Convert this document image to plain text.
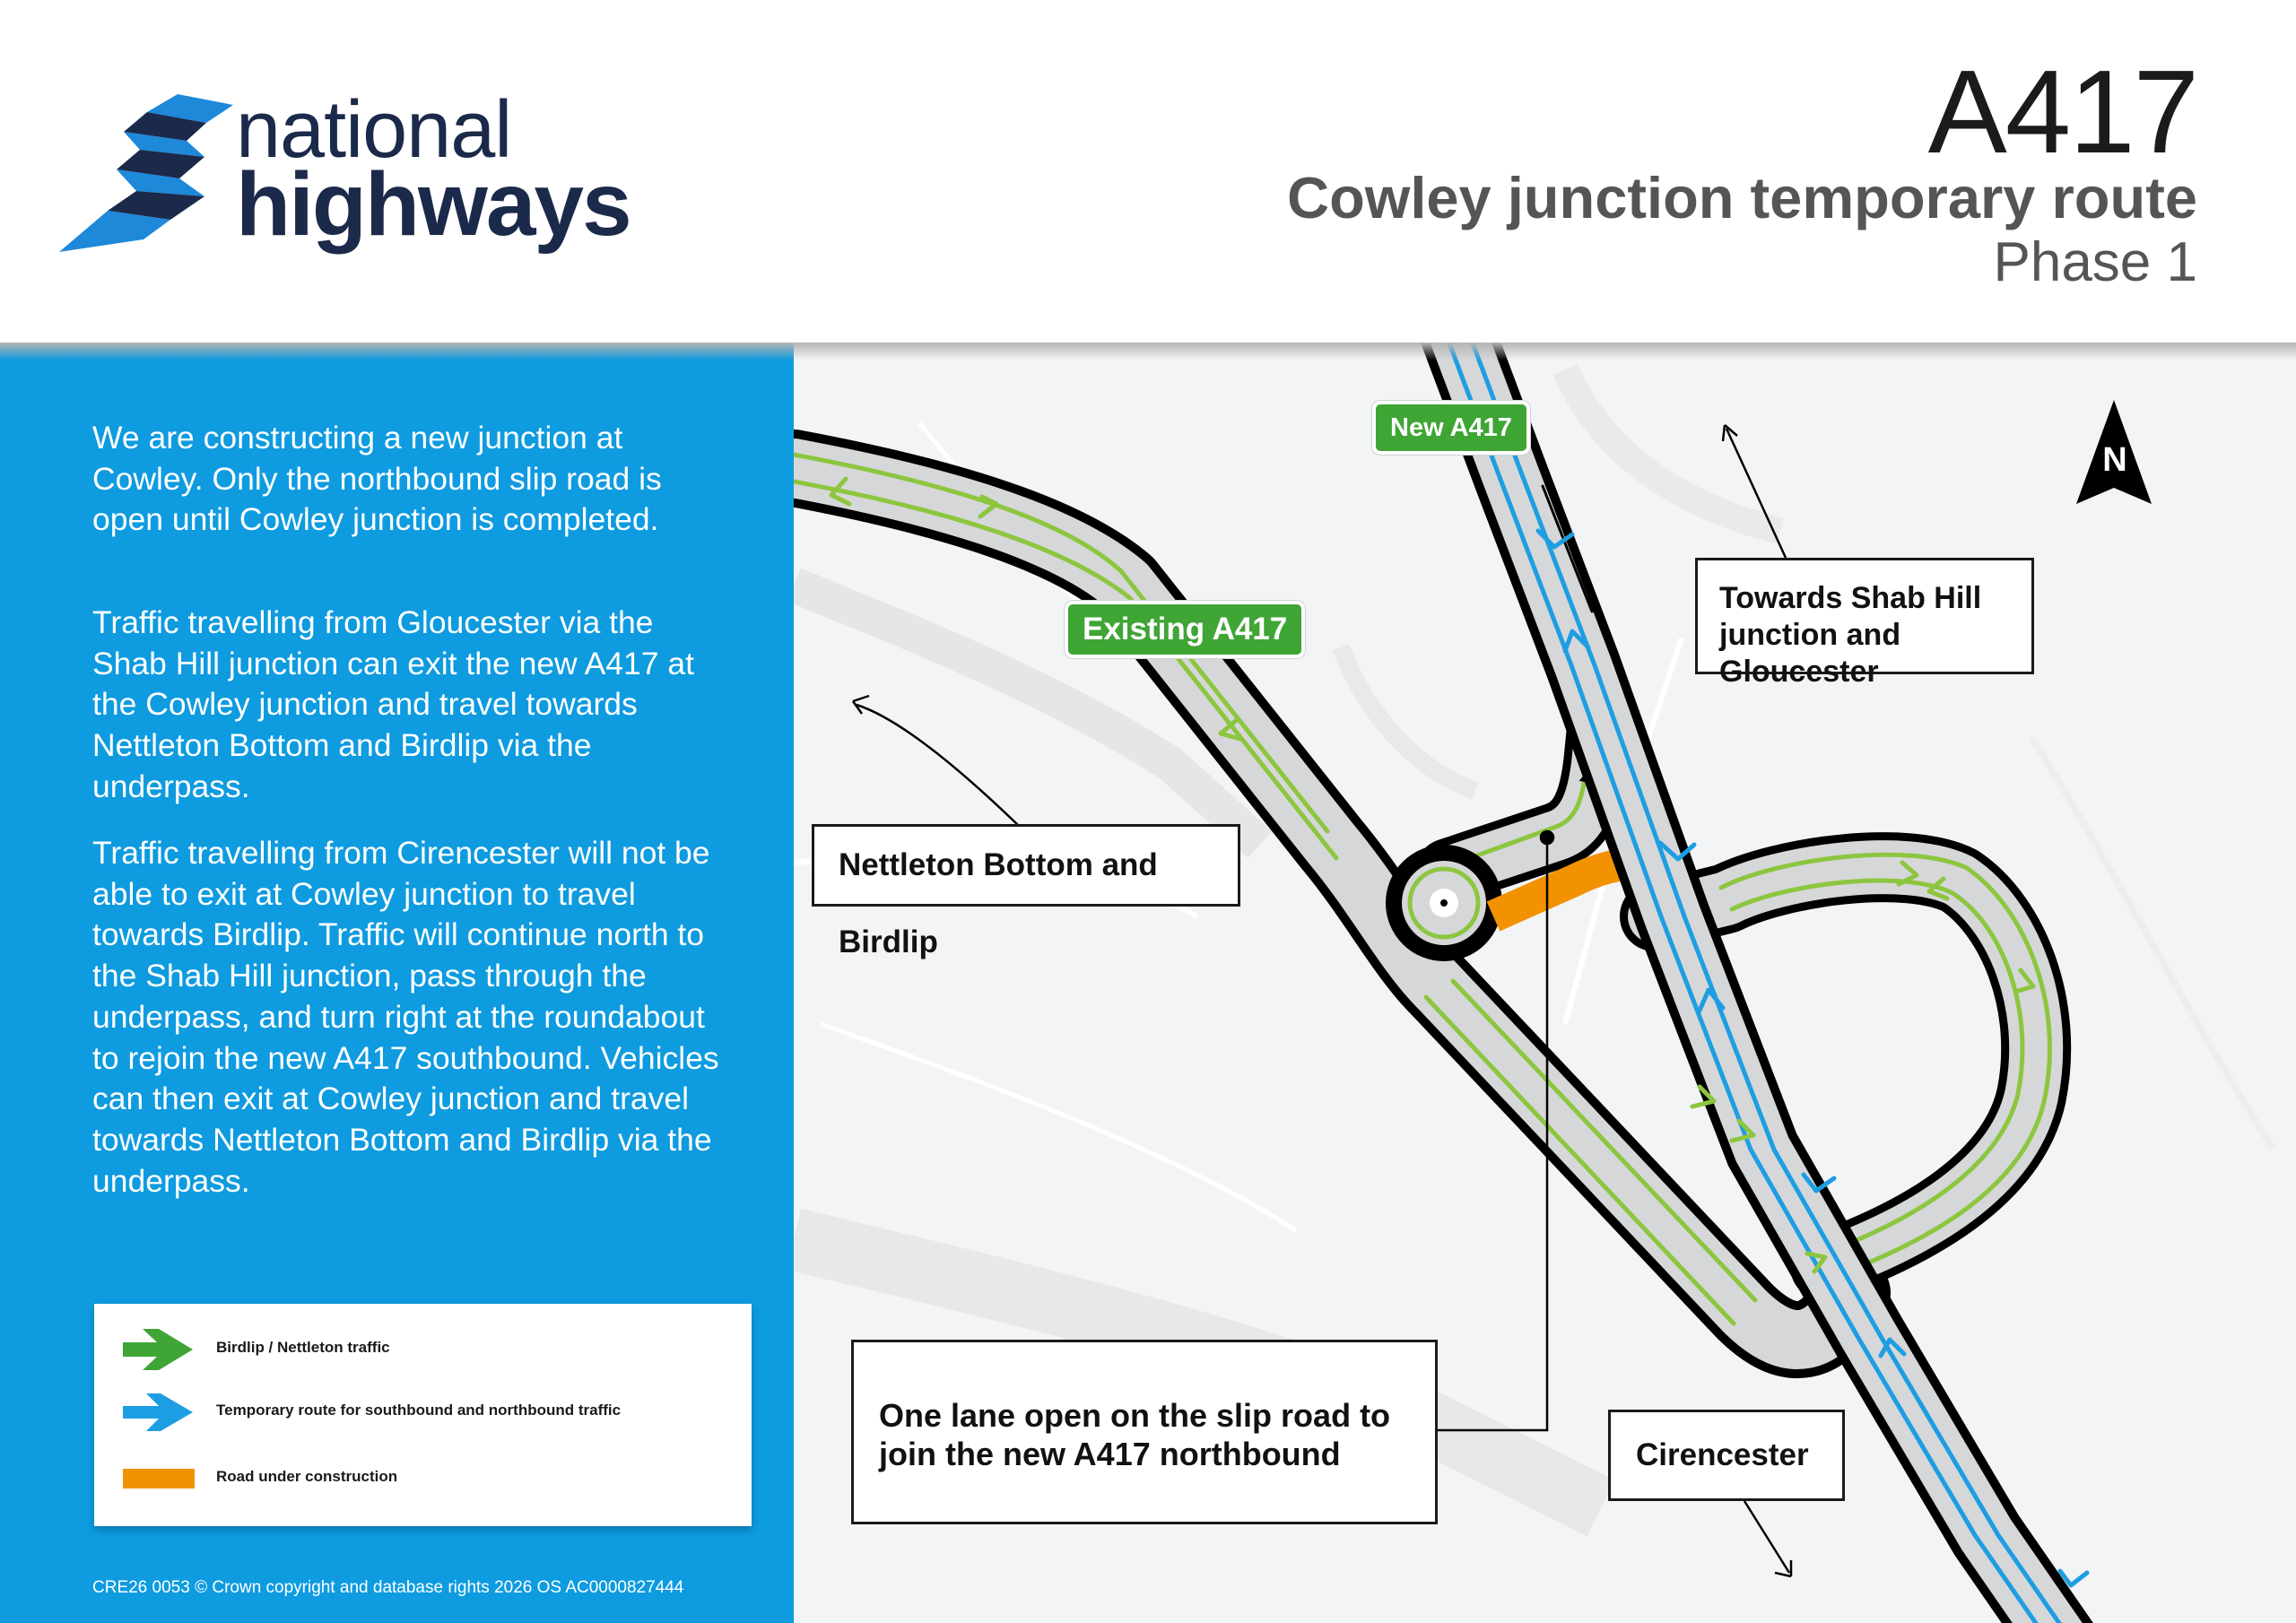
national
highways
A417
Cowley junction temporary route
Phase 1

We are constructing a new junction at Cowley. Only the northbound slip road is open until Cowley junction is completed.

Traffic travelling from Gloucester via the Shab Hill junction can exit the new A417 at the Cowley junction and travel towards Nettleton Bottom and Birdlip via the underpass.

Traffic travelling from Cirencester will not be able to exit at Cowley junction to travel towards Birdlip. Traffic will continue north to the Shab Hill junction, pass through the underpass, and turn right at the roundabout to rejoin the new A417 southbound. Vehicles can then exit at Cowley junction and travel towards Nettleton Bottom and Birdlip via the underpass.

Birdlip / Nettleton traffic
Temporary route for southbound and northbound traffic
Road under construction
CRE26 0053 © Crown copyright and database rights 2026 OS AC0000827444
N
New A417
Existing A417
Towards Shab Hill junction and Gloucester
Nettleton Bottom and Birdlip
One lane open on the slip road to join the new A417 northbound	Cirencester
